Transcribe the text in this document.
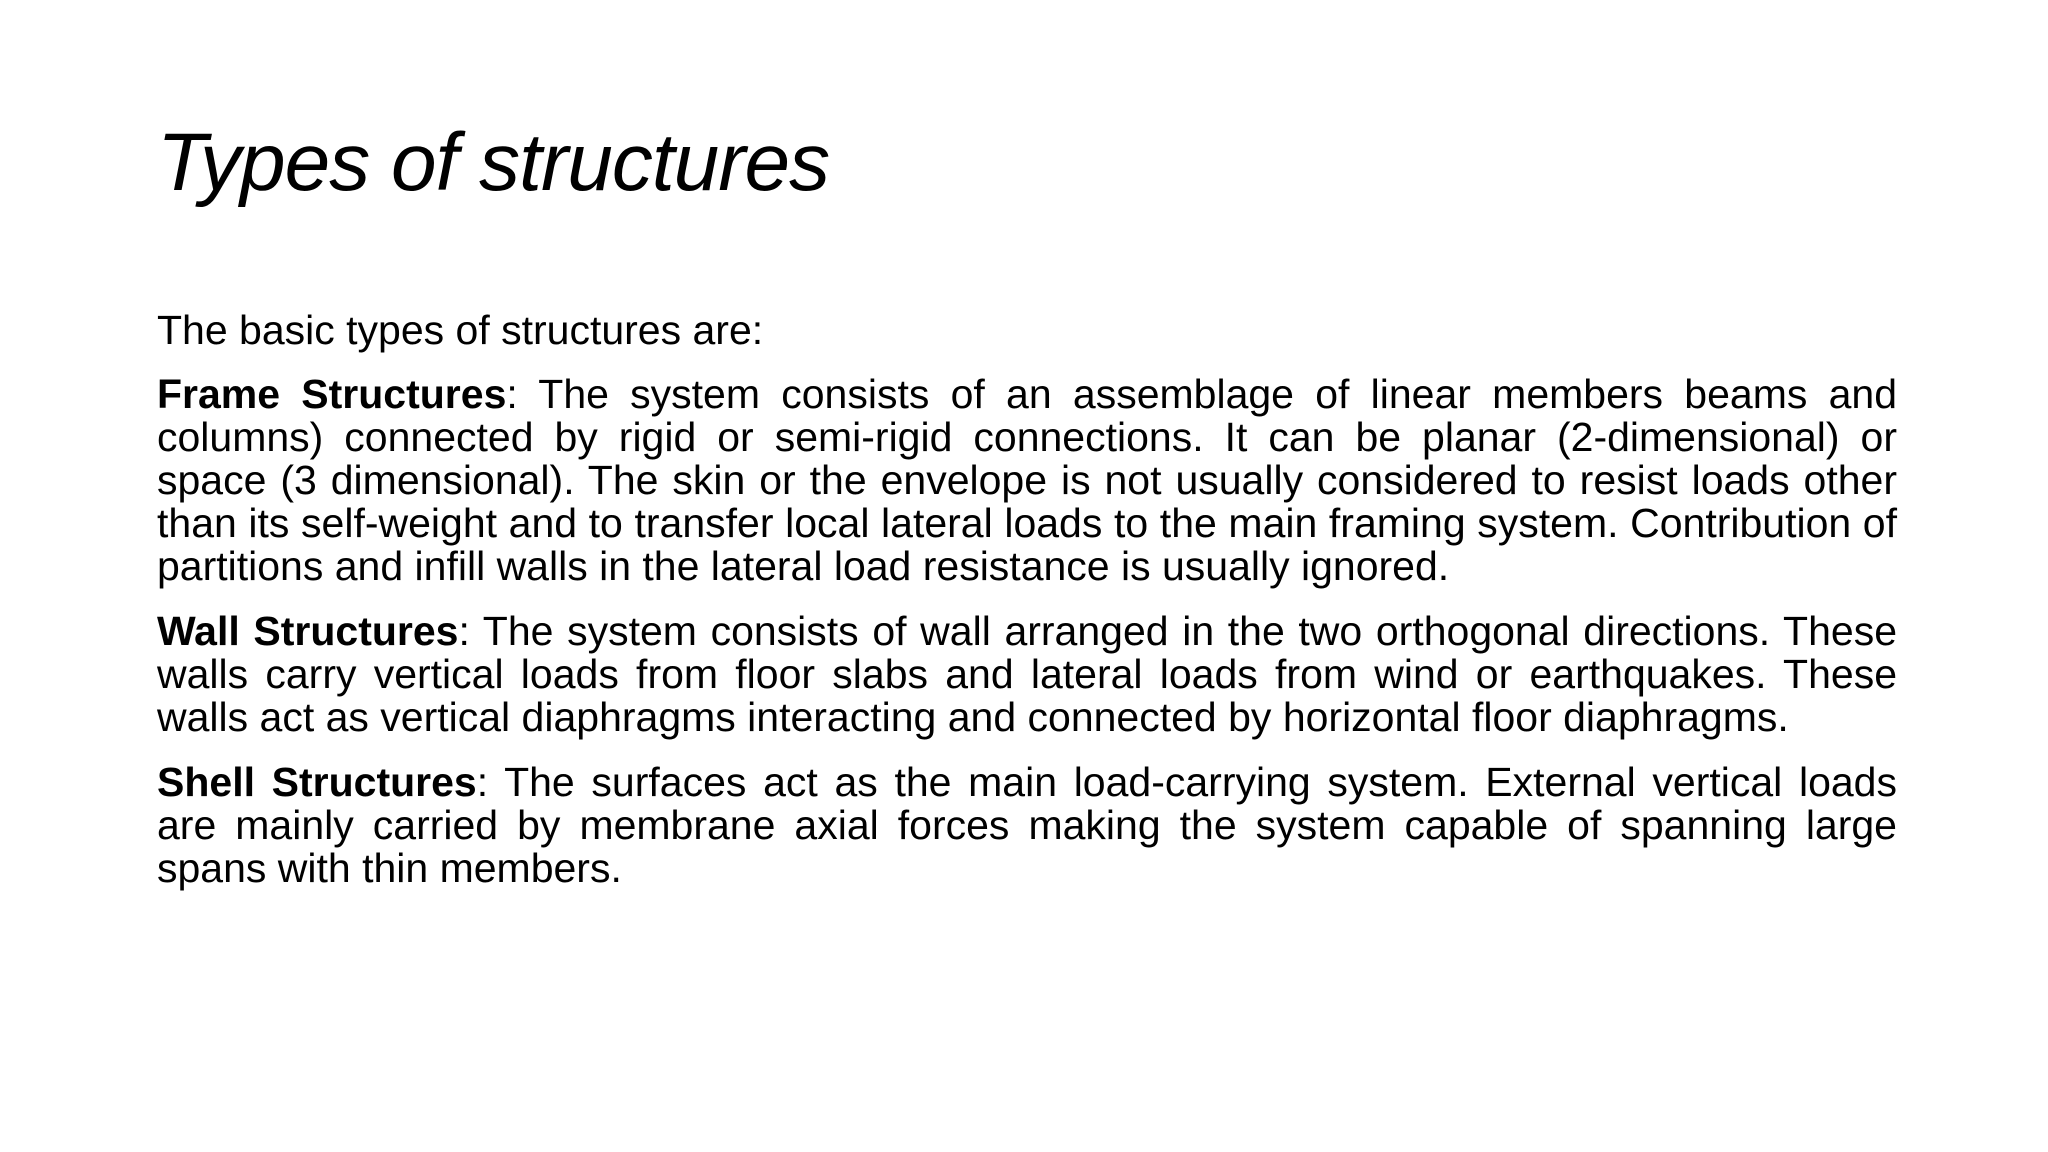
Types of structures

The basic types of structures are:

Frame Structures: The system consists of an assemblage of linear members beams and columns) connected by rigid or semi-rigid connections. It can be planar (2-dimensional) or space (3 dimensional). The skin or the envelope is not usually considered to resist loads other than its self-weight and to transfer local lateral loads to the main framing system. Contribution of partitions and infill walls in the lateral load resistance is usually ignored.

Wall Structures: The system consists of wall arranged in the two orthogonal directions. These walls carry vertical loads from floor slabs and lateral loads from wind or earthquakes. These walls act as vertical diaphragms interacting and connected by horizontal floor diaphragms.

Shell Structures: The surfaces act as the main load-carrying system. External vertical loads are mainly carried by membrane axial forces making the system capable of spanning large spans with thin members.
